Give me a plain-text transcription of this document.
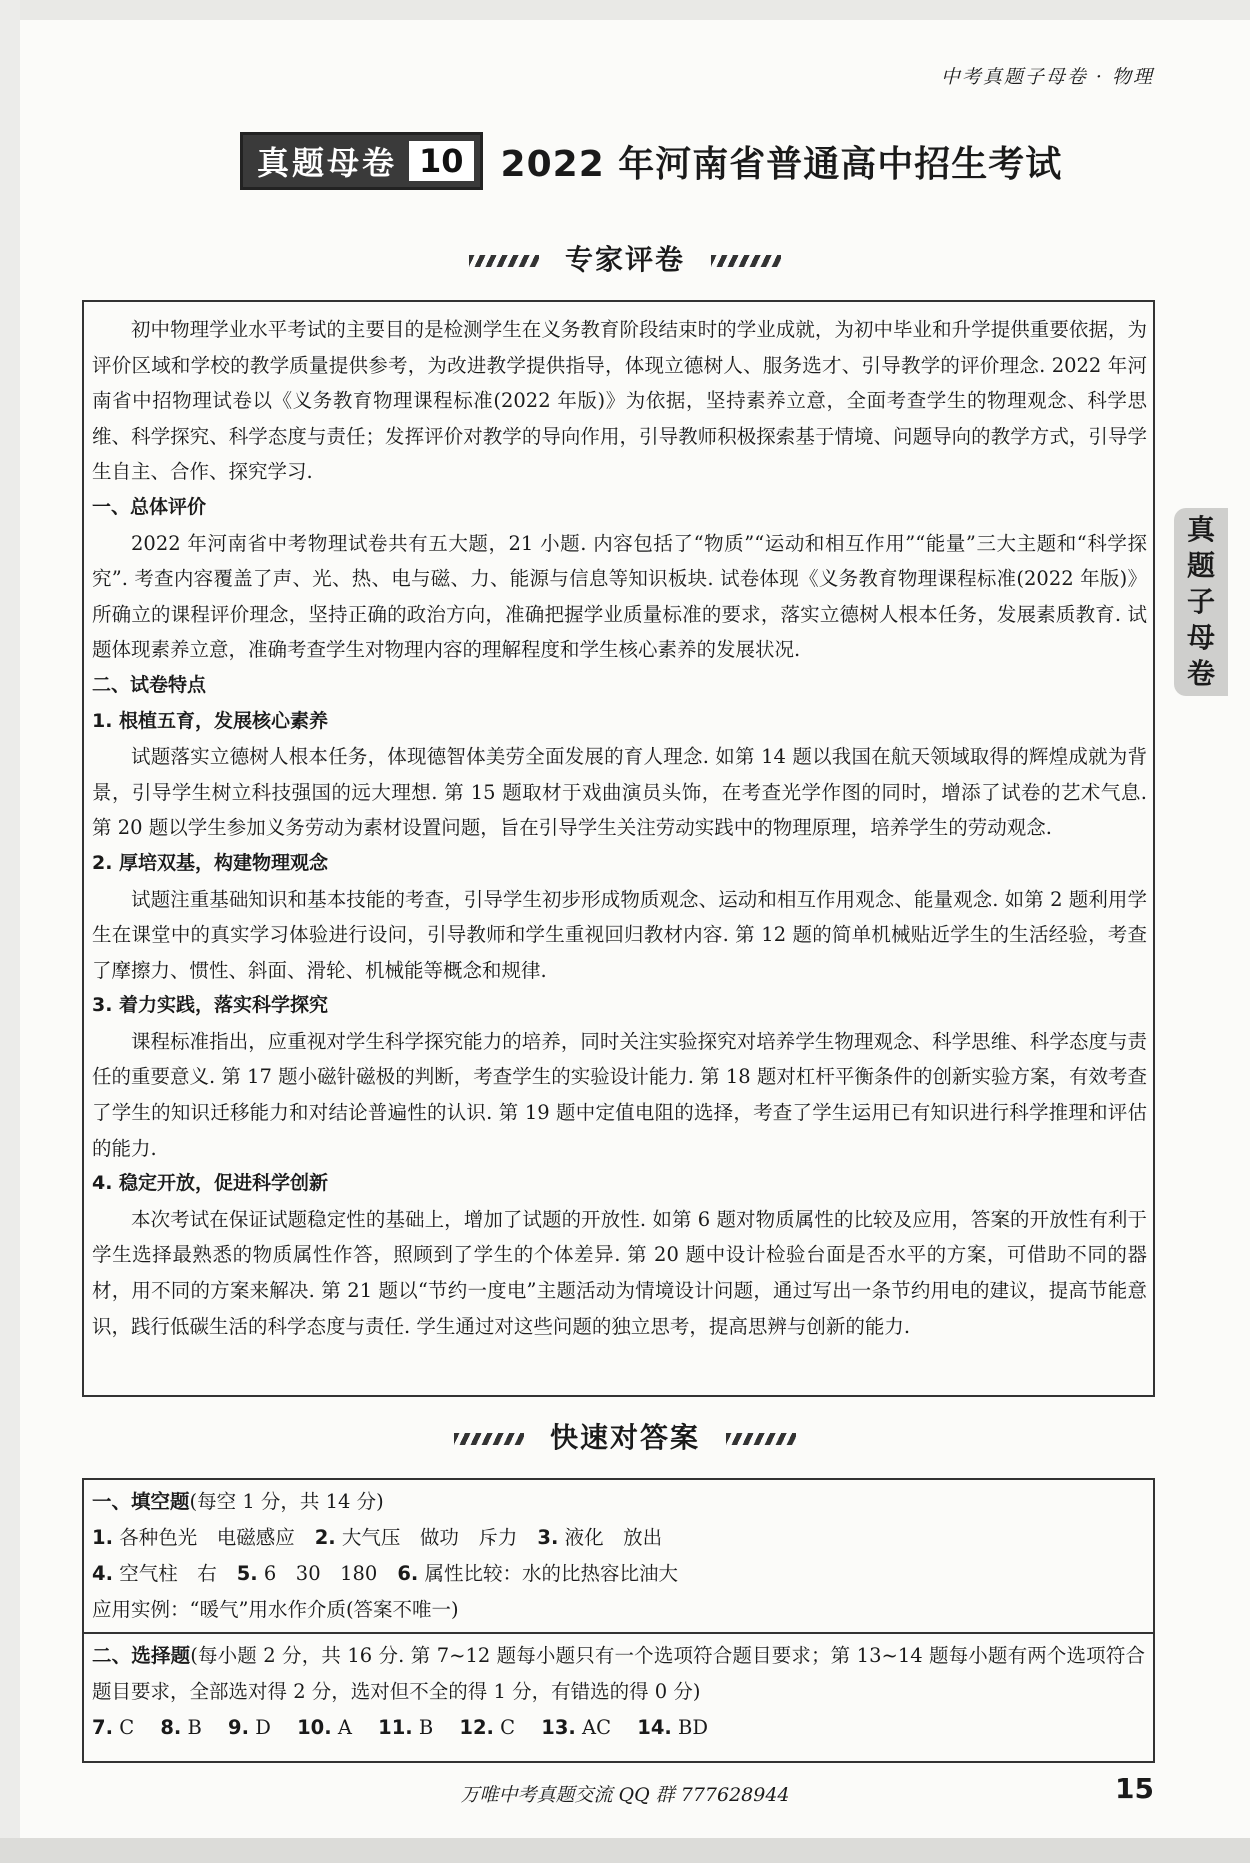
中考真题子母卷 · 物理
真题母卷 10 2022 年河南省普通高中招生考试
专家评卷

初中物理学业水平考试的主要目的是检测学生在义务教育阶段结束时的学业成就，为初中毕业和升学提供重要依据，为评价区域和学校的教学质量提供参考，为改进教学提供指导，体现立德树人、服务选才、引导教学的评价理念. 2022 年河南省中招物理试卷以《义务教育物理课程标准(2022 年版)》为依据，坚持素养立意，全面考查学生的物理观念、科学思维、科学探究、科学态度与责任；发挥评价对教学的导向作用，引导教师积极探索基于情境、问题导向的教学方式，引导学生自主、合作、探究学习.

一、总体评价

2022 年河南省中考物理试卷共有五大题，21 小题. 内容包括了“物质”“运动和相互作用”“能量”三大主题和“科学探究”. 考查内容覆盖了声、光、热、电与磁、力、能源与信息等知识板块. 试卷体现《义务教育物理课程标准(2022 年版)》所确立的课程评价理念，坚持正确的政治方向，准确把握学业质量标准的要求，落实立德树人根本任务，发展素质教育. 试题体现素养立意，准确考查学生对物理内容的理解程度和学生核心素养的发展状况.

二、试卷特点

1. 根植五育，发展核心素养

试题落实立德树人根本任务，体现德智体美劳全面发展的育人理念. 如第 14 题以我国在航天领域取得的辉煌成就为背景，引导学生树立科技强国的远大理想. 第 15 题取材于戏曲演员头饰，在考查光学作图的同时，增添了试卷的艺术气息. 第 20 题以学生参加义务劳动为素材设置问题，旨在引导学生关注劳动实践中的物理原理，培养学生的劳动观念.

2. 厚培双基，构建物理观念

试题注重基础知识和基本技能的考查，引导学生初步形成物质观念、运动和相互作用观念、能量观念. 如第 2 题利用学生在课堂中的真实学习体验进行设问，引导教师和学生重视回归教材内容. 第 12 题的简单机械贴近学生的生活经验，考查了摩擦力、惯性、斜面、滑轮、机械能等概念和规律.

3. 着力实践，落实科学探究

课程标准指出，应重视对学生科学探究能力的培养，同时关注实验探究对培养学生物理观念、科学思维、科学态度与责任的重要意义. 第 17 题小磁针磁极的判断，考查学生的实验设计能力. 第 18 题对杠杆平衡条件的创新实验方案，有效考查了学生的知识迁移能力和对结论普遍性的认识. 第 19 题中定值电阻的选择，考查了学生运用已有知识进行科学推理和评估的能力.

4. 稳定开放，促进科学创新

本次考试在保证试题稳定性的基础上，增加了试题的开放性. 如第 6 题对物质属性的比较及应用，答案的开放性有利于学生选择最熟悉的物质属性作答，照顾到了学生的个体差异. 第 20 题中设计检验台面是否水平的方案，可借助不同的器材，用不同的方案来解决. 第 21 题以“节约一度电”主题活动为情境设计问题，通过写出一条节约用电的建议，提高节能意识，践行低碳生活的科学态度与责任. 学生通过对这些问题的独立思考，提高思辨与创新的能力.

真
题
子
母
卷
快速对答案

一、填空题(每空 1 分，共 14 分)

1. 各种色光　电磁感应 2. 大气压　做功　斥力 3. 液化　放出

4. 空气柱　右 5. 6　30　180 6. 属性比较：水的比热容比油大

应用实例：“暖气”用水作介质(答案不唯一)

二、选择题(每小题 2 分，共 16 分. 第 7~12 题每小题只有一个选项符合题目要求；第 13~14 题每小题有两个选项符合题目要求，全部选对得 2 分，选对但不全的得 1 分，有错选的得 0 分)

7. C 8. B 9. D 10. A 11. B 12. C 13. AC 14. BD

万唯中考真题交流 QQ 群 777628944	15
